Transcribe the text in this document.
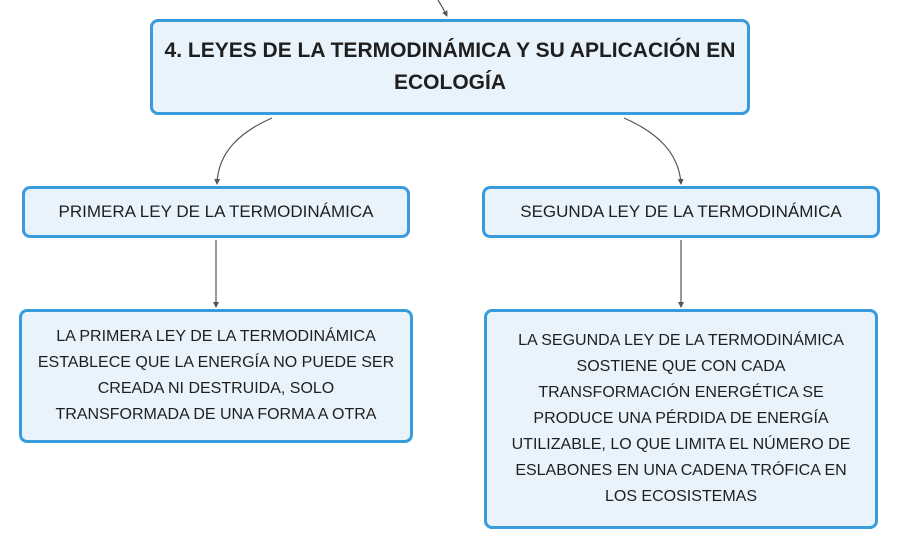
4. LEYES DE LA TERMODINÁMICA Y SU APLICACIÓN EN ECOLOGÍA
PRIMERA LEY DE LA TERMODINÁMICA	SEGUNDA LEY DE LA TERMODINÁMICA
LA PRIMERA LEY DE LA TERMODINÁMICA ESTABLECE QUE LA ENERGÍA NO PUEDE SER CREADA NI DESTRUIDA, SOLO TRANSFORMADA DE UNA FORMA A OTRA
LA SEGUNDA LEY DE LA TERMODINÁMICA SOSTIENE QUE CON CADA TRANSFORMACIÓN ENERGÉTICA SE PRODUCE UNA PÉRDIDA DE ENERGÍA UTILIZABLE, LO QUE LIMITA EL NÚMERO DE ESLABONES EN UNA CADENA TRÓFICA EN LOS ECOSISTEMAS
